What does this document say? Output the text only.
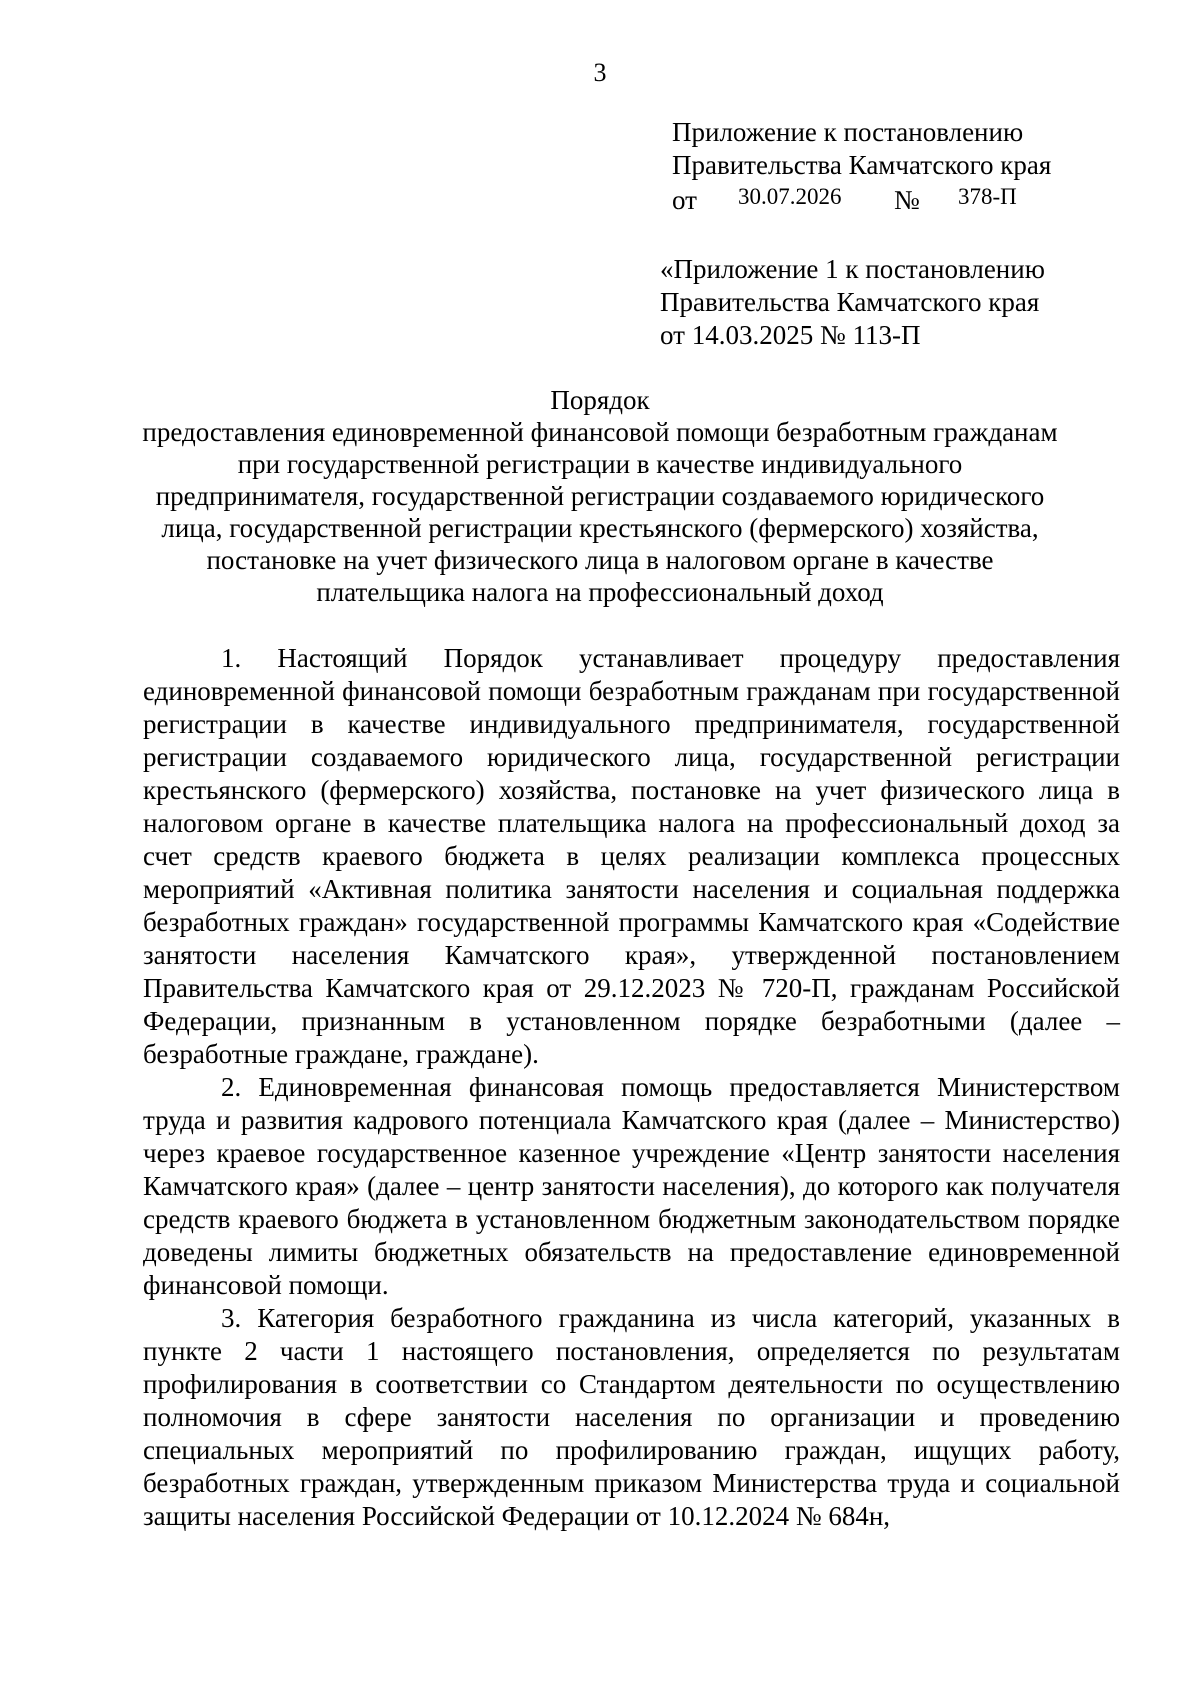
3
Приложение к постановлению
Правительства Камчатского края
от 30.07.2026 № 378-П
«Приложение 1 к постановлению
Правительства Камчатского края
от 14.03.2025 № 113-П
Порядок
предоставления единовременной финансовой помощи безработным гражданам
при государственной регистрации в качестве индивидуального
предпринимателя, государственной регистрации создаваемого юридического
лица, государственной регистрации крестьянского (фермерского) хозяйства,
постановке на учет физического лица в налоговом органе в качестве
плательщика налога на профессиональный доход

1. Настоящий Порядок устанавливает процедуру предоставления единовременной финансовой помощи безработным гражданам при государственной регистрации в качестве индивидуального предпринимателя, государственной регистрации создаваемого юридического лица, государственной регистрации крестьянского (фермерского) хозяйства, постановке на учет физического лица в налоговом органе в качестве плательщика налога на профессиональный доход за счет средств краевого бюджета в целях реализации комплекса процессных мероприятий «Активная политика занятости населения и социальная поддержка безработных граждан» государственной программы Камчатского края «Содействие занятости населения Камчатского края», утвержденной постановлением Правительства Камчатского края от 29.12.2023 № 720-П, гражданам Российской Федерации, признанным в установленном порядке безработными (далее – безработные граждане, граждане).

2. Единовременная финансовая помощь предоставляется Министерством труда и развития кадрового потенциала Камчатского края (далее – Министерство) через краевое государственное казенное учреждение «Центр занятости населения Камчатского края» (далее – центр занятости населения), до которого как получателя средств краевого бюджета в установленном бюджетным законодательством порядке доведены лимиты бюджетных обязательств на предоставление единовременной финансовой помощи.

3. Категория безработного гражданина из числа категорий, указанных в пункте 2 части 1 настоящего постановления, определяется по результатам профилирования в соответствии со Стандартом деятельности по осуществлению полномочия в сфере занятости населения по организации и проведению специальных мероприятий по профилированию граждан, ищущих работу, безработных граждан, утвержденным приказом Министерства труда и социальной защиты населения Российской Федерации от 10.12.2024 № 684н,
